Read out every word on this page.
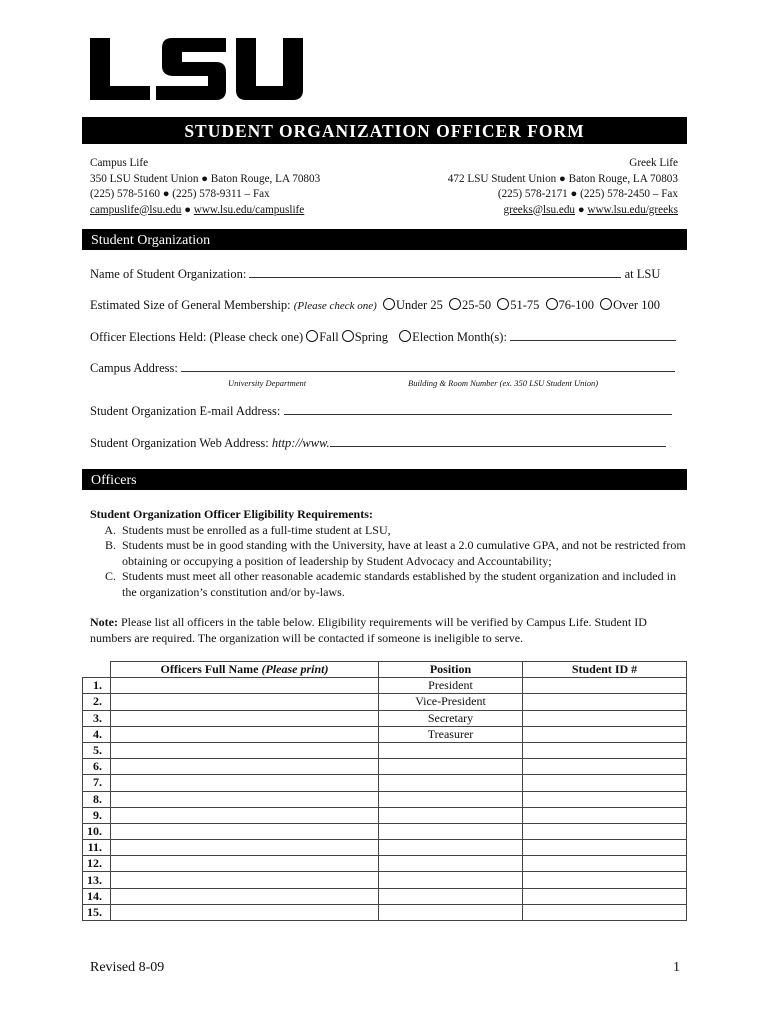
STUDENT ORGANIZATION OFFICER FORM
Campus Life
350 LSU Student Union ● Baton Rouge, LA 70803
(225) 578-5160 ● (225) 578-9311 – Fax
campuslife@lsu.edu ● www.lsu.edu/campuslife
Greek Life
472 LSU Student Union ● Baton Rouge, LA 70803
(225) 578-2171 ● (225) 578-2450 – Fax
greeks@lsu.edu ● www.lsu.edu/greeks
Student Organization
Name of Student Organization:	at LSU
Estimated Size of General Membership: (Please check one) Under 25 25-50 51-75 76-100 Over 100
Officer Elections Held: (Please check one) Fall Spring Election Month(s):
Campus Address:
University Department	Building & Room Number (ex. 350 LSU Student Union)
Student Organization E-mail Address:
Student Organization Web Address: http://www.
Officers
Student Organization Officer Eligibility Requirements:
A. Students must be enrolled as a full-time student at LSU,
B. Students must be in good standing with the University, have at least a 2.0 cumulative GPA, and not be restricted from obtaining or occupying a position of leadership by Student Advocacy and Accountability;
C. Students must meet all other reasonable academic standards established by the student organization and included in the organization’s constitution and/or by-laws.
Note: Please list all officers in the table below. Eligibility requirements will be verified by Campus Life. Student ID numbers are required. The organization will be contacted if someone is ineligible to serve.
	Officers Full Name (Please print)	Position	Student ID #
1.		President	
2.		Vice-President	
3.		Secretary	
4.		Treasurer	
5.			
6.			
7.			
8.			
9.			
10.			
11.			
12.			
13.			
14.			
15.			
Revised 8-09	1
